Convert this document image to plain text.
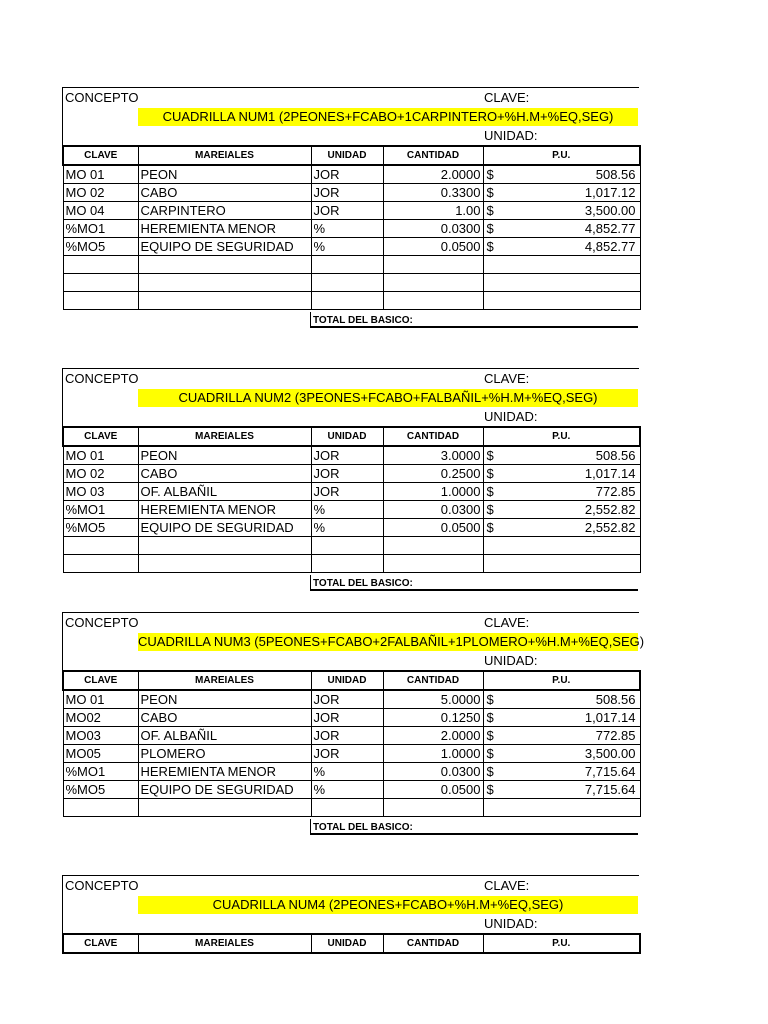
CONCEPTO	CLAVE:
CUADRILLA NUM1 (2PEONES+FCABO+1CARPINTERO+%H.M+%EQ,SEG)
UNIDAD:
CLAVE	MAREIALES	UNIDAD	CANTIDAD	P.U.
MO 01	PEON	JOR	2.0000	$ 508.56

MO 02	CABO	JOR	0.3300	$ 1,017.12

MO 04	CARPINTERO	JOR	1.00	$ 3,500.00

%MO1	HEREMIENTA MENOR	%	0.0300	$ 4,852.77

%MO5	EQUIPO DE SEGURIDAD	%	0.0500	$ 4,852.77

TOTAL DEL BASICO:
CONCEPTO	CLAVE:
CUADRILLA NUM2 (3PEONES+FCABO+FALBAÑIL+%H.M+%EQ,SEG)
UNIDAD:
CLAVE	MAREIALES	UNIDAD	CANTIDAD	P.U.
MO 01	PEON	JOR	3.0000	$ 508.56

MO 02	CABO	JOR	0.2500	$ 1,017.14

MO 03	OF. ALBAÑIL	JOR	1.0000	$ 772.85

%MO1	HEREMIENTA MENOR	%	0.0300	$ 2,552.82

%MO5	EQUIPO DE SEGURIDAD	%	0.0500	$ 2,552.82

TOTAL DEL BASICO:
CONCEPTO	CLAVE:
CUADRILLA NUM3 (5PEONES+FCABO+2FALBAÑIL+1PLOMERO+%H.M+%EQ,SEG)
UNIDAD:
CLAVE	MAREIALES	UNIDAD	CANTIDAD	P.U.
MO 01	PEON	JOR	5.0000	$ 508.56

MO02	CABO	JOR	0.1250	$ 1,017.14

MO03	OF. ALBAÑIL	JOR	2.0000	$ 772.85

MO05	PLOMERO	JOR	1.0000	$ 3,500.00

%MO1	HEREMIENTA MENOR	%	0.0300	$ 7,715.64

%MO5	EQUIPO DE SEGURIDAD	%	0.0500	$ 7,715.64

TOTAL DEL BASICO:
CONCEPTO	CLAVE:
CUADRILLA NUM4 (2PEONES+FCABO+%H.M+%EQ,SEG)
UNIDAD:
CLAVE	MAREIALES	UNIDAD	CANTIDAD	P.U.
